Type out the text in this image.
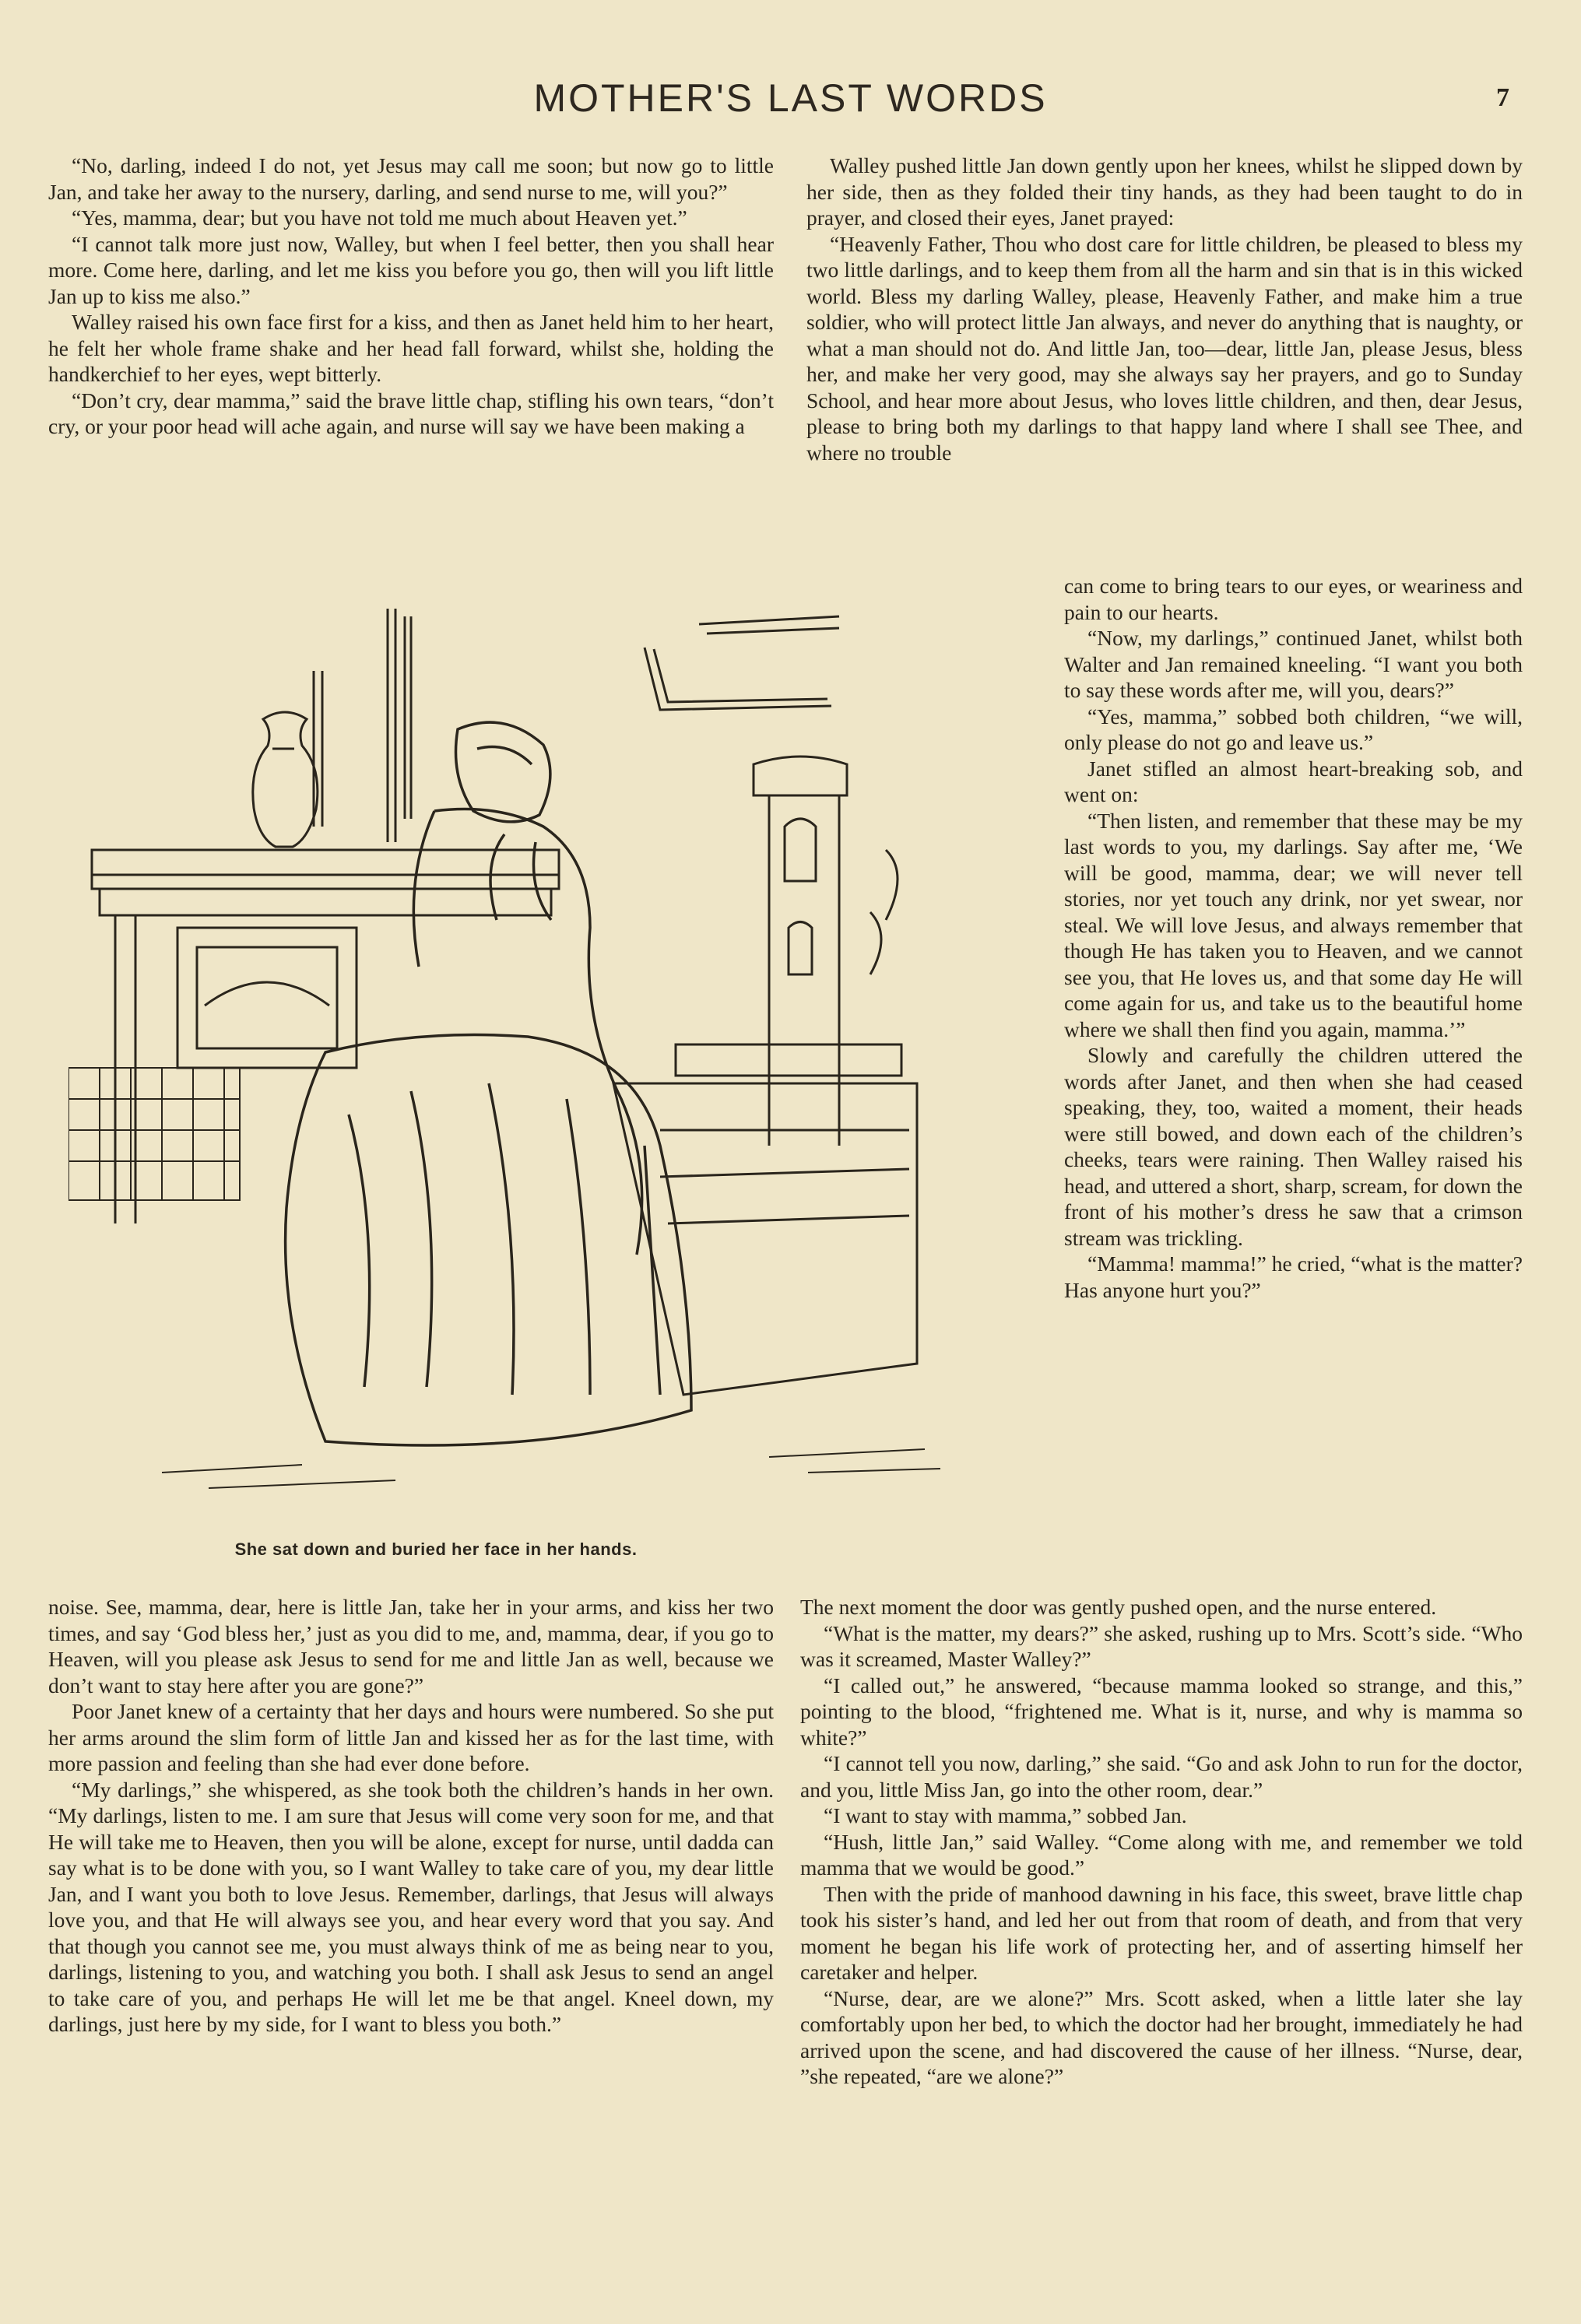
MOTHER'S LAST WORDS	7

“No, darling, indeed I do not, yet Jesus may call me soon; but now go to little Jan, and take her away to the nursery, darling, and send nurse to me, will you?”

“Yes, mamma, dear; but you have not told me much about Heaven yet.”

“I cannot talk more just now, Walley, but when I feel better, then you shall hear more. Come here, darling, and let me kiss you before you go, then will you lift little Jan up to kiss me also.”

Walley raised his own face first for a kiss, and then as Janet held him to her heart, he felt her whole frame shake and her head fall forward, whilst she, holding the handkerchief to her eyes, wept bitterly.

“Don’t cry, dear mamma,” said the brave little chap, stifling his own tears, “don’t cry, or your poor head will ache again, and nurse will say we have been making a

Walley pushed little Jan down gently upon her knees, whilst he slipped down by her side, then as they folded their tiny hands, as they had been taught to do in prayer, and closed their eyes, Janet prayed:

“Heavenly Father, Thou who dost care for little children, be pleased to bless my two little darlings, and to keep them from all the harm and sin that is in this wicked world. Bless my darling Walley, please, Heavenly Father, and make him a true soldier, who will protect little Jan always, and never do anything that is naughty, or what a man should not do. And little Jan, too—dear, little Jan, please Jesus, bless her, and make her very good, may she always say her prayers, and go to Sunday School, and hear more about Jesus, who loves little children, and then, dear Jesus, please to bring both my darlings to that happy land where I shall see Thee, and where no trouble

can come to bring tears to our eyes, or weariness and pain to our hearts.

“Now, my darlings,” continued Janet, whilst both Walter and Jan remained kneeling. “I want you both to say these words after me, will you, dears?”

“Yes, mamma,” sobbed both children, “we will, only please do not go and leave us.”

Janet stifled an almost heart-breaking sob, and went on:

“Then listen, and remember that these may be my last words to you, my darlings. Say after me, ‘We will be good, mamma, dear; we will never tell stories, nor yet touch any drink, nor yet swear, nor steal. We will love Jesus, and always remember that though He has taken you to Heaven, and we cannot see you, that He loves us, and that some day He will come again for us, and take us to the beautiful home where we shall then find you again, mamma.’”

Slowly and carefully the children uttered the words after Janet, and then when she had ceased speaking, they, too, waited a moment, their heads were still bowed, and down each of the children’s cheeks, tears were raining. Then Walley raised his head, and uttered a short, sharp, scream, for down the front of his mother’s dress he saw that a crimson stream was trickling.

“Mamma! mamma!” he cried, “what is the matter? Has anyone hurt you?”

She sat down and buried her face in her hands.

noise. See, mamma, dear, here is little Jan, take her in your arms, and kiss her two times, and say ‘God bless her,’ just as you did to me, and, mamma, dear, if you go to Heaven, will you please ask Jesus to send for me and little Jan as well, because we don’t want to stay here after you are gone?”

Poor Janet knew of a certainty that her days and hours were numbered. So she put her arms around the slim form of little Jan and kissed her as for the last time, with more passion and feeling than she had ever done before.

“My darlings,” she whispered, as she took both the children’s hands in her own. “My darlings, listen to me. I am sure that Jesus will come very soon for me, and that He will take me to Heaven, then you will be alone, except for nurse, until dadda can say what is to be done with you, so I want Walley to take care of you, my dear little Jan, and I want you both to love Jesus. Remember, darlings, that Jesus will always love you, and that He will always see you, and hear every word that you say. And that though you cannot see me, you must always think of me as being near to you, darlings, listening to you, and watching you both. I shall ask Jesus to send an angel to take care of you, and perhaps He will let me be that angel. Kneel down, my darlings, just here by my side, for I want to bless you both.”

The next moment the door was gently pushed open, and the nurse entered.

“What is the matter, my dears?” she asked, rushing up to Mrs. Scott’s side. “Who was it screamed, Master Walley?”

“I called out,” he answered, “because mamma looked so strange, and this,” pointing to the blood, “frightened me. What is it, nurse, and why is mamma so white?”

“I cannot tell you now, darling,” she said. “Go and ask John to run for the doctor, and you, little Miss Jan, go into the other room, dear.”

“I want to stay with mamma,” sobbed Jan.

“Hush, little Jan,” said Walley. “Come along with me, and remember we told mamma that we would be good.”

Then with the pride of manhood dawning in his face, this sweet, brave little chap took his sister’s hand, and led her out from that room of death, and from that very moment he began his life work of protecting her, and of asserting himself her caretaker and helper.

“Nurse, dear, are we alone?” Mrs. Scott asked, when a little later she lay comfortably upon her bed, to which the doctor had her brought, immediately he had arrived upon the scene, and had discovered the cause of her illness. “Nurse, dear, ”she repeated, “are we alone?”
